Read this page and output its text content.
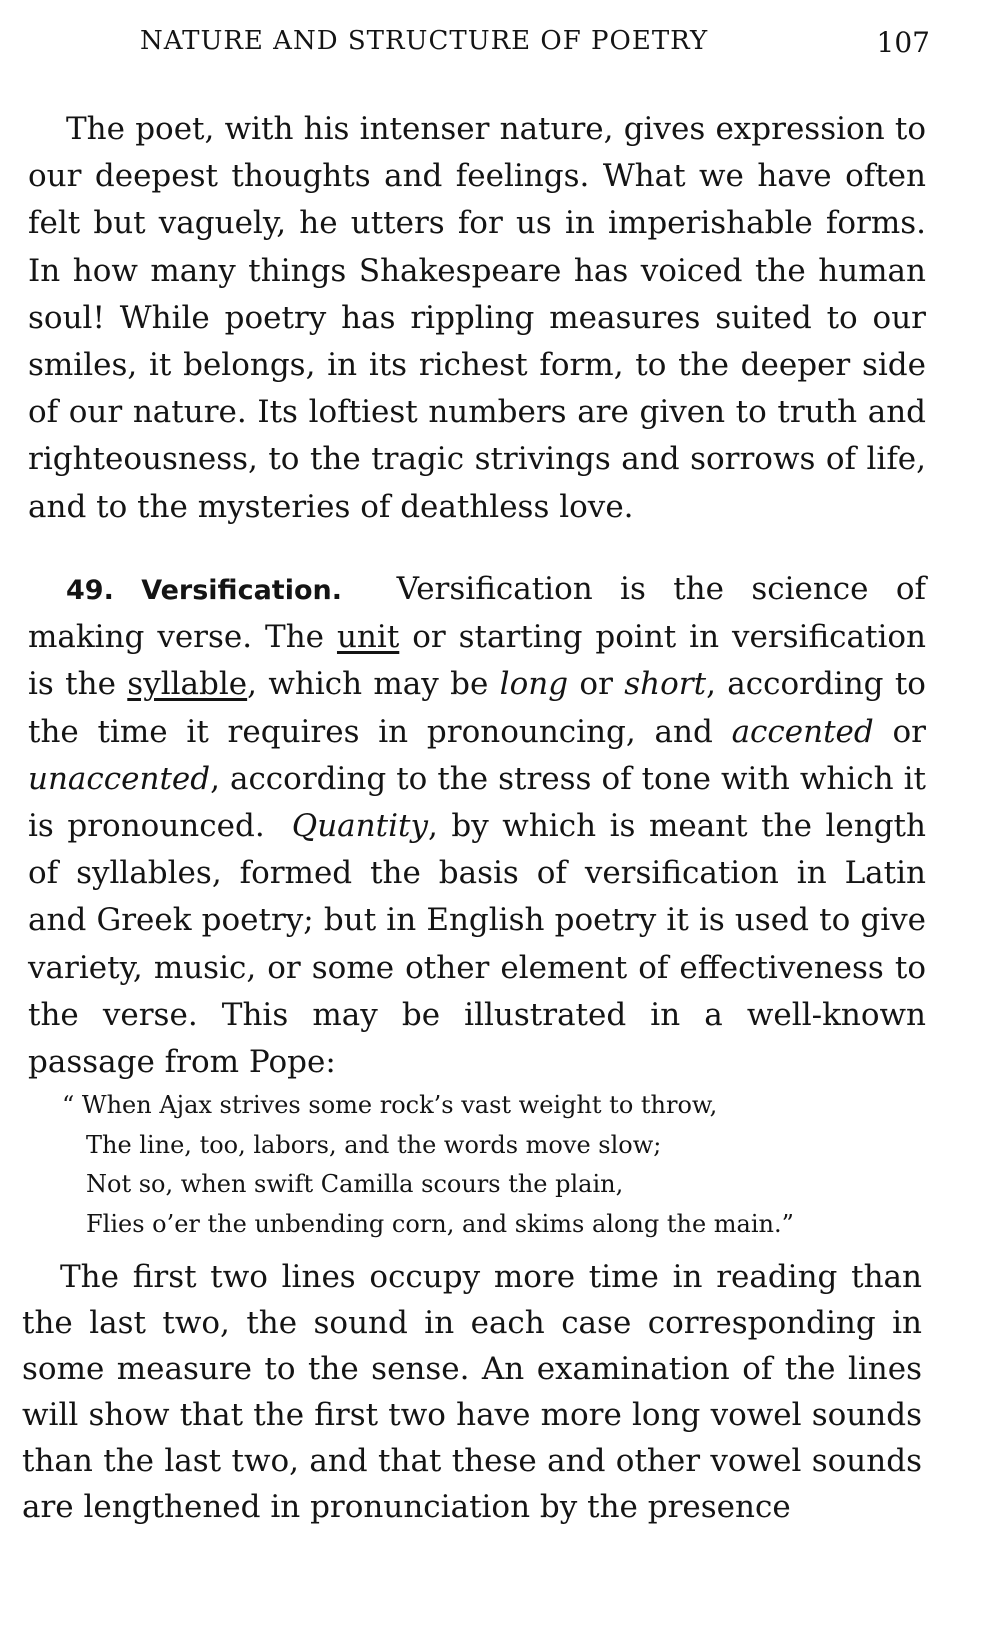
NATURE AND STRUCTURE OF POETRY	107
The poet, with his intenser nature, gives expression to our deepest thoughts and feelings. What we have often felt but vaguely, he utters for us in imperishable forms. In how many things Shakespeare has voiced the human soul! While poetry has rippling measures suited to our smiles, it belongs, in its richest form, to the deeper side of our nature. Its loftiest numbers are given to truth and righteousness, to the tragic strivings and sorrows of life, and to the mysteries of deathless love.
49. Versification. Versification is the science of making verse. The unit or starting point in versification is the syllable, which may be long or short, according to the time it requires in pronouncing, and accented or unaccented, according to the stress of tone with which it is pronounced. Quantity, by which is meant the length of syllables, formed the basis of versification in Latin and Greek poetry; but in English poetry it is used to give variety, music, or some other element of effectiveness to the verse. This may be illustrated in a well-known passage from Pope:
“ When Ajax strives some rock’s vast weight to throw,
The line, too, labors, and the words move slow;
Not so, when swift Camilla scours the plain,
Flies o’er the unbending corn, and skims along the main.”
The first two lines occupy more time in reading than the last two, the sound in each case corresponding in some measure to the sense. An examination of the lines will show that the first two have more long vowel sounds than the last two, and that these and other vowel sounds are lengthened in pronunciation by the presence
